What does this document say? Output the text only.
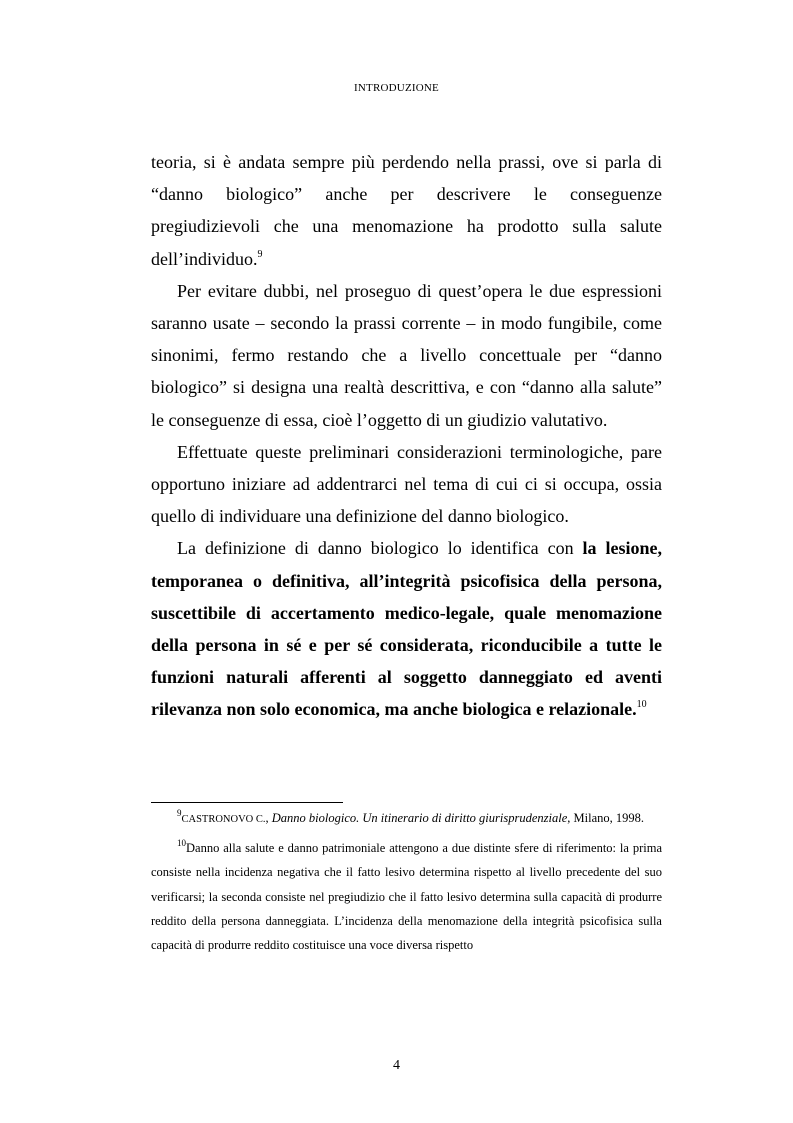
INTRODUZIONE

teoria, si è andata sempre più perdendo nella prassi, ove si parla di “danno biologico” anche per descrivere le conseguenze pregiudizievoli che una menomazione ha prodotto sulla salute dell’individuo.$^9$

Per evitare dubbi, nel proseguo di quest’opera le due espressioni saranno usate – secondo la prassi corrente – in modo fungibile, come sinonimi, fermo restando che a livello concettuale per “danno biologico” si designa una realtà descrittiva, e con “danno alla salute” le conseguenze di essa, cioè l’oggetto di un giudizio valutativo.

Effettuate queste preliminari considerazioni terminologiche, pare opportuno iniziare ad addentrarci nel tema di cui ci si occupa, ossia quello di individuare una definizione del danno biologico.

La definizione di danno biologico lo identifica con la lesione, temporanea o definitiva, all’integrità psicofisica della persona, suscettibile di accertamento medico-legale, quale menomazione della persona in sé e per sé considerata, riconducibile a tutte le funzioni naturali afferenti al soggetto danneggiato ed aventi rilevanza non solo economica, ma anche biologica e relazionale.$^{10}$

$^9$CASTRONOVO C., Danno biologico. Un itinerario di diritto giurisprudenziale, Milano, 1998.

$^{10}$Danno alla salute e danno patrimoniale attengono a due distinte sfere di riferimento: la prima consiste nella incidenza negativa che il fatto lesivo determina rispetto al livello precedente del suo verificarsi; la seconda consiste nel pregiudizio che il fatto lesivo determina sulla capacità di produrre reddito della persona danneggiata. L’incidenza della menomazione della integrità psicofisica sulla capacità di produrre reddito costituisce una voce diversa rispetto

4
